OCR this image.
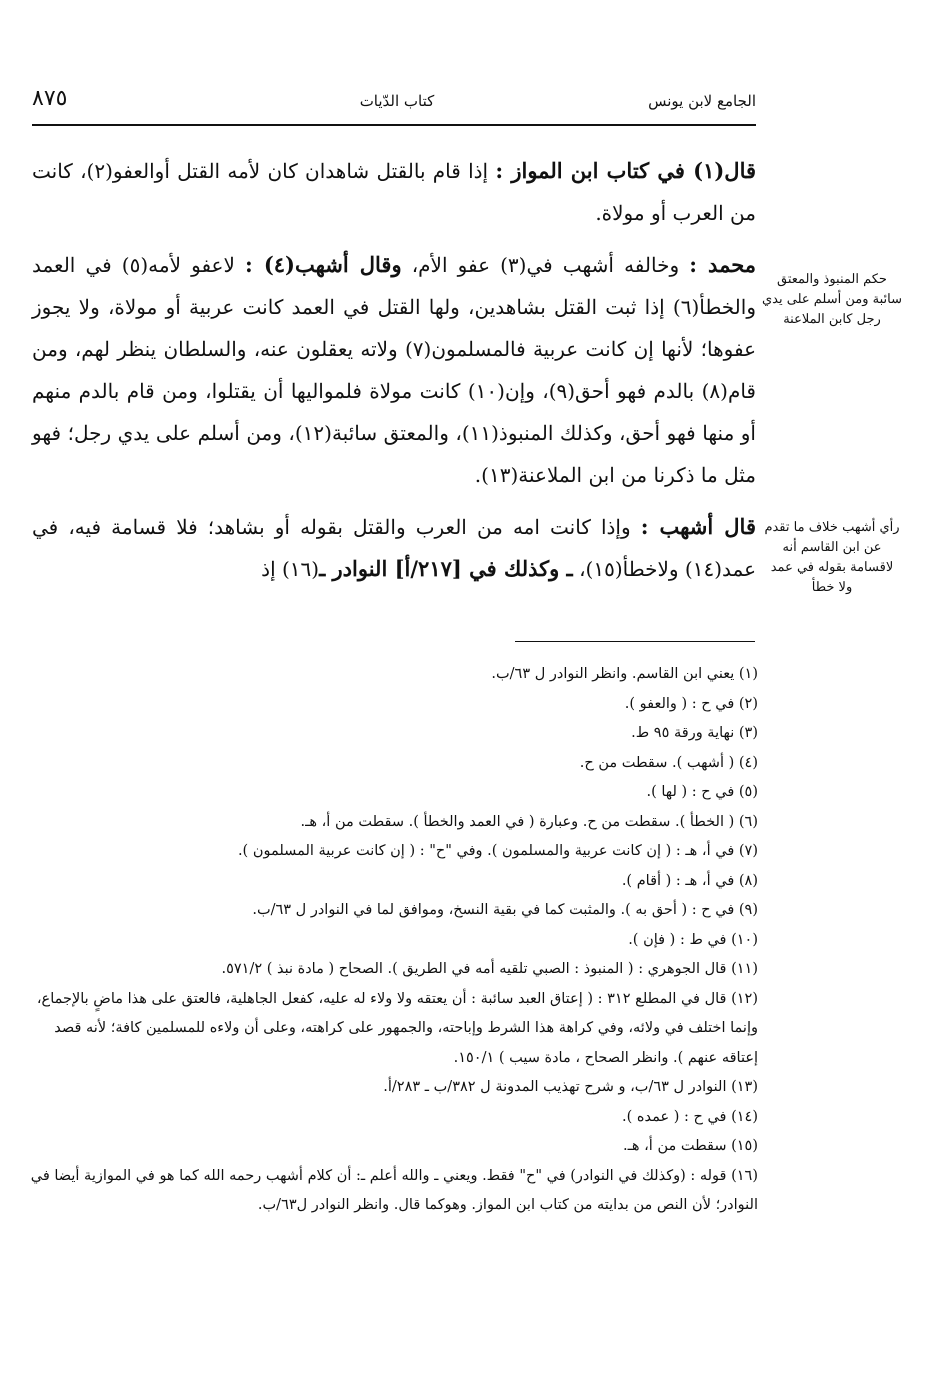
الجامع لابن يونس
كتاب الدّيات
٨٧٥

قال(١) في كتاب ابن المواز : إذا قام بالقتل شاهدان كان لأمه القتل أوالعفو(٢)، كانت من العرب أو مولاة.

محمد : وخالفه أشهب في(٣) عفو الأم، وقال أشهب(٤) : لاعفو لأمه(٥) في العمد والخطأ(٦) إذا ثبت القتل بشاهدين، ولها القتل في العمد كانت عربية أو مولاة، ولا يجوز عفوها؛ لأنها إن كانت عربية فالمسلمون(٧) ولاته يعقلون عنه، والسلطان ينظر لهم، ومن قام(٨) بالدم فهو أحق(٩)، وإن(١٠) كانت مولاة فلمواليها أن يقتلوا، ومن قام بالدم منهم أو منها فهو أحق، وكذلك المنبوذ(١١)، والمعتق سائبة(١٢)، ومن أسلم على يدي رجل؛ فهو مثل ما ذكرنا من ابن الملاعنة(١٣).

قال أشهب : وإذا كانت امه من العرب والقتل بقوله أو بشاهد؛ فلا قسامة فيه، في عمد(١٤) ولاخطأ(١٥)، ـ وكذلك في [٢١٧/أ] النوادر ـ(١٦) إذ

حكم المنبوذ والمعتق سائبة ومن أسلم على يدي رجل كابن الملاعنة
رأي أشهب خلاف ما تقدم عن ابن القاسم أنه لاقسامة بقوله في عمد ولا خطأ

(١) يعني ابن القاسم. وانظر النوادر ل ٦٣/ب.

(٢) في ح : ( والعفو ).

(٣) نهاية ورقة ٩٥ ط.

(٤) ( أشهب ). سقطت من ح.

(٥) في ح : ( لها ).

(٦) ( الخطأ ). سقطت من ح. وعبارة ( في العمد والخطأ ). سقطت من أ، هـ.

(٧) في أ، هـ : ( إن كانت عربية والمسلمون ). وفي "ح" : ( إن كانت عربية المسلمون ).

(٨) في أ، هـ : ( أقام ).

(٩) في ح : ( أحق به ). والمثبت كما في بقية النسخ، وموافق لما في النوادر ل ٦٣/ب.

(١٠) في ط : ( فإن ).

(١١) قال الجوهري : ( المنبوذ : الصبي تلقيه أمه في الطريق ). الصحاح ( مادة نبذ ) ٥٧١/٢.

(١٢) قال في المطلع ٣١٢ : ( إعتاق العبد سائبة : أن يعتقه ولا ولاء له عليه، كفعل الجاهلية، فالعتق على هذا ماضٍ بالإجماع، وإنما اختلف في ولائه، وفي كراهة هذا الشرط وإباحته، والجمهور على كراهته، وعلى أن ولاءه للمسلمين كافة؛ لأنه قصد إعتاقه عنهم ). وانظر الصحاح ، مادة سيب ) ١٥٠/١.

(١٣) النوادر ل ٦٣/ب، و شرح تهذيب المدونة ل ٣٨٢/ب ـ ٢٨٣/أ.

(١٤) في ح : ( عمده ).

(١٥) سقطت من أ، هـ.

(١٦) قوله : (وكذلك في النوادر) في "ح" فقط. ويعني ـ والله أعلم ـ: أن كلام أشهب رحمه الله كما هو في الموازية أيضا في النوادر؛ لأن النص من بدايته من كتاب ابن المواز. وهوكما قال. وانظر النوادر ل٦٣/ب.
